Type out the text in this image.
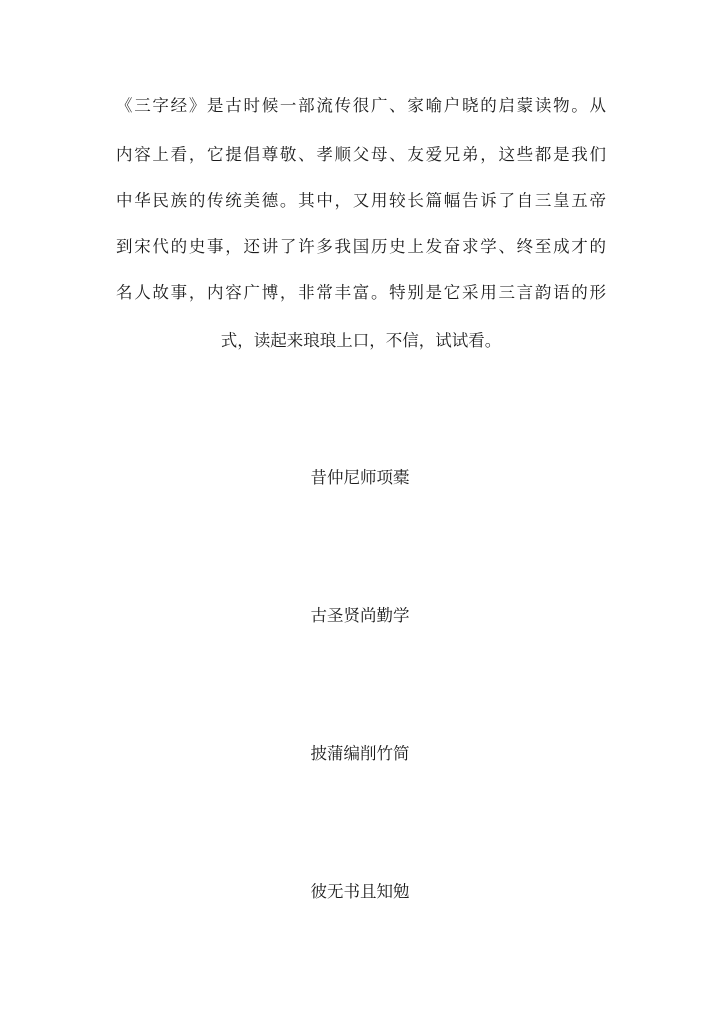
《三字经》是古时候一部流传很广、家喻户晓的启蒙读物。从
内容上看，它提倡尊敬、孝顺父母、友爱兄弟，这些都是我们
中华民族的传统美德。其中，又用较长篇幅告诉了自三皇五帝
到宋代的史事，还讲了许多我国历史上发奋求学、终至成才的
名人故事，内容广博，非常丰富。特别是它采用三言韵语的形
式，读起来琅琅上口，不信，试试看。
昔仲尼师项橐
古圣贤尚勤学
披蒲编削竹简
彼无书且知勉
